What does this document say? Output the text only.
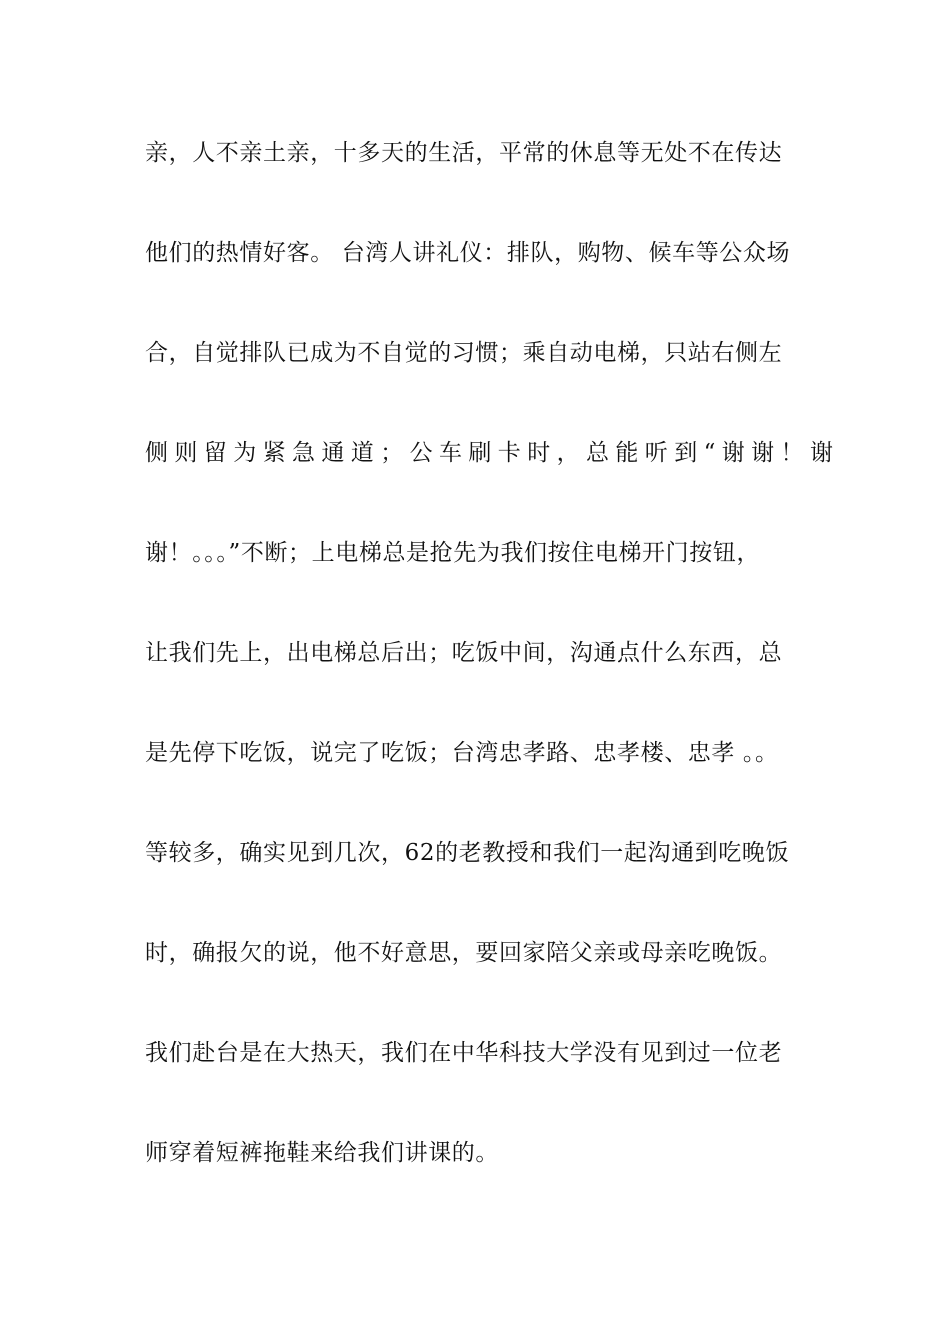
亲，人不亲土亲，十多天的生活，平常的休息等无处不在传达
他们的热情好客。 台湾人讲礼仪：排队，购物、候车等公众场
合，自觉排队已成为不自觉的习惯；乘自动电梯，只站右侧左
侧则留为紧急通道；公车刷卡时，总能听到“谢谢！谢
谢！。。。”不断；上电梯总是抢先为我们按住电梯开门按钮，
让我们先上，出电梯总后出；吃饭中间，沟通点什么东西，总
是先停下吃饭，说完了吃饭；台湾忠孝路、忠孝楼、忠孝 。。
等较多，确实见到几次，62的老教授和我们一起沟通到吃晚饭
时，确报欠的说，他不好意思，要回家陪父亲或母亲吃晚饭。
我们赴台是在大热天，我们在中华科技大学没有见到过一位老
师穿着短裤拖鞋来给我们讲课的。
